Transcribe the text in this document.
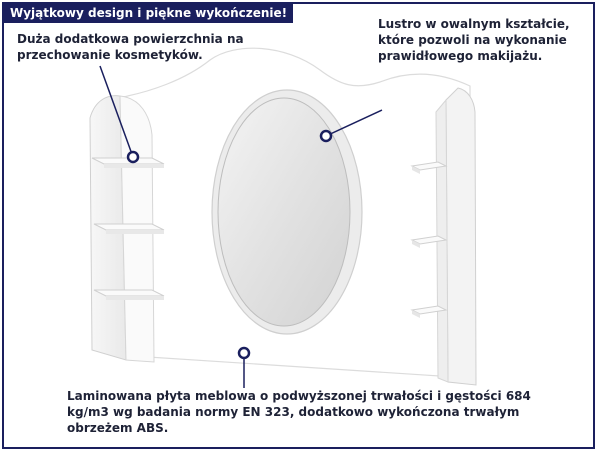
Wyjątkowy design i piękne wykończenie!
Duża dodatkowa powierzchnia na przechowanie kosmetyków.
Lustro w owalnym kształcie, które pozwoli na wykonanie prawidłowego makijażu.
Laminowana płyta meblowa o podwyższonej trwałości i gęstości 684 kg/m3 wg badania normy EN 323, dodatkowo wykończona trwałym obrzeżem ABS.
